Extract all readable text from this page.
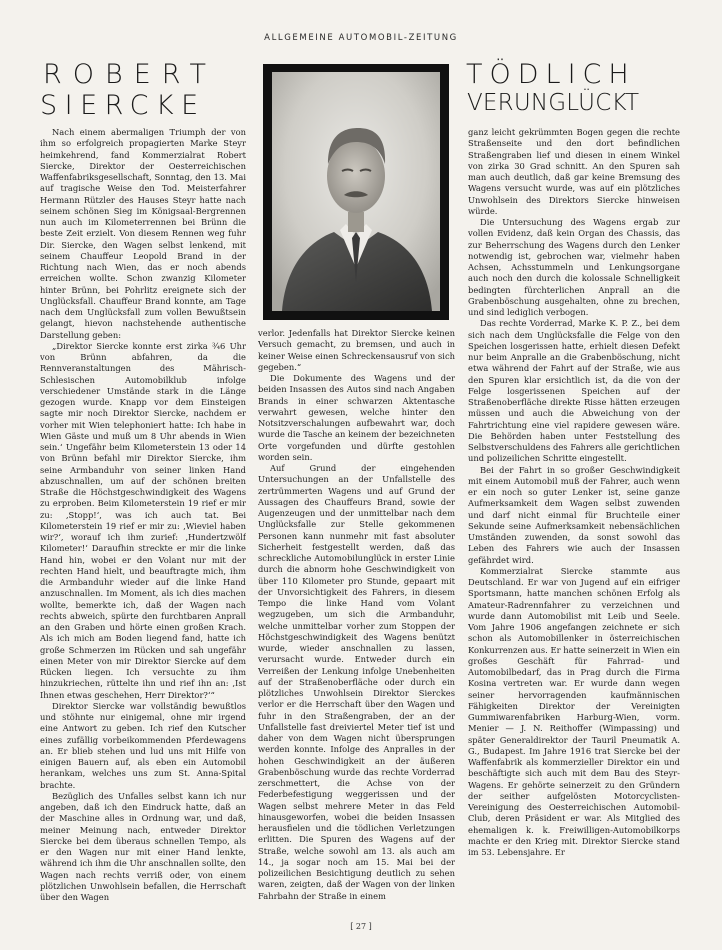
ALLGEMEINE AUTOMOBIL-ZEITUNG
ROBERT
SIERCKE
TÖDLICH
VERUNGLÜCKT

Nach einem abermaligen Triumph der von ihm so erfolgreich propagierten Marke Steyr heimkehrend, fand Kommerzialrat Robert Siercke, Direktor der Oesterreichischen Waffenfabriksgesellschaft, Sonntag, den 13. Mai auf tragische Weise den Tod. Meisterfahrer Hermann Rützler des Hauses Steyr hatte nach seinem schönen Sieg im Königsaal-Bergrennen nun auch im Kilometerrennen bei Brünn die beste Zeit erzielt. Von diesem Rennen weg fuhr Dir. Siercke, den Wagen selbst lenkend, mit seinem Chauffeur Leopold Brand in der Richtung nach Wien, das er noch abends erreichen wollte. Schon zwanzig Kilometer hinter Brünn, bei Pohrlitz ereignete sich der Unglücksfall. Chauffeur Brand konnte, am Tage nach dem Unglücksfall zum vollen Bewußtsein gelangt, hievon nachstehende authentische Darstellung geben:

„Direktor Siercke konnte erst zirka ¾6 Uhr von Brünn abfahren, da die Rennveranstaltungen des Mährisch-Schlesischen Automobilklub infolge verschiedener Umstände stark in die Länge gezogen wurde. Knapp vor dem Einsteigen sagte mir noch Direktor Siercke, nachdem er vorher mit Wien telephoniert hatte: Ich habe in Wien Gäste und muß um 8 Uhr abends in Wien sein.‘ Ungefähr beim Kilometerstein 13 oder 14 von Brünn befahl mir Direktor Siercke, ihm seine Armbanduhr von seiner linken Hand abzuschnallen, um auf der schönen breiten Straße die Höchstgeschwindigkeit des Wagens zu erproben. Beim Kilometerstein 19 rief er mir zu: ‚Stopp!‘, was ich auch tat. Bei Kilometerstein 19 rief er mir zu: ‚Wieviel haben wir?‘, worauf ich ihm zurief: ‚Hundertzwölf Kilometer!‘ Daraufhin streckte er mir die linke Hand hin, wobei er den Volant nur mit der rechten Hand hielt, und beauftragte mich, ihm die Armbanduhr wieder auf die linke Hand anzuschnallen. Im Moment, als ich dies machen wollte, bemerkte ich, daß der Wagen nach rechts abweich, spürte den furchtbaren Anprall an den Graben und hörte einen großen Krach. Als ich mich am Boden liegend fand, hatte ich große Schmerzen im Rücken und sah ungefähr einen Meter von mir Direktor Siercke auf dem Rücken liegen. Ich versuchte zu ihm hinzukriechen, rüttelte ihn und rief ihn an: ‚Ist Ihnen etwas geschehen, Herr Direktor?‘“

Direktor Siercke war vollständig bewußtlos und stöhnte nur einigemal, ohne mir irgend eine Antwort zu geben. Ich rief den Kutscher eines zufällig vorbeikommenden Pferdewagens an. Er blieb stehen und lud uns mit Hilfe von einigen Bauern auf, als eben ein Automobil herankam, welches uns zum St. Anna-Spital brachte.

Bezüglich des Unfalles selbst kann ich nur angeben, daß ich den Eindruck hatte, daß an der Maschine alles in Ordnung war, und daß, meiner Meinung nach, entweder Direktor Siercke bei dem überaus schnellen Tempo, als er den Wagen nur mit einer Hand lenkte, während ich ihm die Uhr anschnallen sollte, den Wagen nach rechts verriß oder, von einem plötzlichen Unwohlsein befallen, die Herrschaft über den Wagen

verlor. Jedenfalls hat Direktor Siercke keinen Versuch gemacht, zu bremsen, und auch in keiner Weise einen Schreckensausruf von sich gegeben.“

Die Dokumente des Wagens und der beiden Insassen des Autos sind nach Angaben Brands in einer schwarzen Aktentasche verwahrt gewesen, welche hinter den Notsitzverschalungen aufbewahrt war, doch wurde die Tasche an keinem der bezeichneten Orte vorgefunden und dürfte gestohlen worden sein.

Auf Grund der eingehenden Untersuchungen an der Unfallstelle des zertrümmerten Wagens und auf Grund der Aussagen des Chauffeurs Brand, sowie der Augenzeugen und der unmittelbar nach dem Unglücksfalle zur Stelle gekommenen Personen kann nunmehr mit fast absoluter Sicherheit festgestellt werden, daß das schreckliche Automobilunglück in erster Linie durch die abnorm hohe Geschwindigkeit von über 110 Kilometer pro Stunde, gepaart mit der Unvorsichtigkeit des Fahrers, in diesem Tempo die linke Hand vom Volant wegzugeben, um sich die Armbanduhr, welche unmittelbar vorher zum Stoppen der Höchstgeschwindigkeit des Wagens benützt wurde, wieder anschnallen zu lassen, verursacht wurde. Entweder durch ein Verreißen der Lenkung infolge Unebenheiten auf der Straßenoberfläche oder durch ein plötzliches Unwohlsein Direktor Sierckes verlor er die Herrschaft über den Wagen und fuhr in den Straßengraben, der an der Unfallstelle fast dreiviertel Meter tief ist und daher von dem Wagen nicht übersprungen werden konnte. Infolge des Anpralles in der hohen Geschwindigkeit an der äußeren Grabenböschung wurde das rechte Vorderrad zerschmettert, die Achse von der Federbefestigung weggerissen und der Wagen selbst mehrere Meter in das Feld hinausgeworfen, wobei die beiden Insassen herausfielen und die tödlichen Verletzungen erlitten. Die Spuren des Wagens auf der Straße, welche sowohl am 13. als auch am 14., ja sogar noch am 15. Mai bei der polizeilichen Besichtigung deutlich zu sehen waren, zeigten, daß der Wagen von der linken Fahrbahn der Straße in einem

ganz leicht gekrümmten Bogen gegen die rechte Straßenseite und den dort befindlichen Straßengraben lief und diesen in einem Winkel von zirka 30 Grad schnitt. An den Spuren sah man auch deutlich, daß gar keine Bremsung des Wagens versucht wurde, was auf ein plötzliches Unwohlsein des Direktors Siercke hinweisen würde.

Die Untersuchung des Wagens ergab zur vollen Evidenz, daß kein Organ des Chassis, das zur Beherrschung des Wagens durch den Lenker notwendig ist, gebrochen war, vielmehr haben Achsen, Achsstummeln und Lenkungsorgane auch noch den durch die kolossale Schnelligkeit bedingten fürchterlichen Anprall an die Grabenböschung ausgehalten, ohne zu brechen, und sind lediglich verbogen.

Das rechte Vorderrad, Marke K. P. Z., bei dem sich nach dem Unglücksfalle die Felge von den Speichen losgerissen hatte, erhielt diesen Defekt nur beim Anpralle an die Grabenböschung, nicht etwa während der Fahrt auf der Straße, wie aus den Spuren klar ersichtlich ist, da die von der Felge losgerissenen Speichen auf der Straßenoberfläche direkte Risse hätten erzeugen müssen und auch die Abweichung von der Fahrtrichtung eine viel rapidere gewesen wäre. Die Behörden haben unter Feststellung des Selbstverschuldens des Fahrers alle gerichtlichen und polizeilichen Schritte eingestellt.

Bei der Fahrt in so großer Geschwindigkeit mit einem Automobil muß der Fahrer, auch wenn er ein noch so guter Lenker ist, seine ganze Aufmerksamkeit dem Wagen selbst zuwenden und darf nicht einmal für Bruchteile einer Sekunde seine Aufmerksamkeit nebensächlichen Umständen zuwenden, da sonst sowohl das Leben des Fahrers wie auch der Insassen gefährdet wird.

Kommerzialrat Siercke stammte aus Deutschland. Er war von Jugend auf ein eifriger Sportsmann, hatte manchen schönen Erfolg als Amateur-Radrennfahrer zu verzeichnen und wurde dann Automobilist mit Leib und Seele. Vom Jahre 1906 angefangen zeichnete er sich schon als Automobillenker in österreichischen Konkurrenzen aus. Er hatte seinerzeit in Wien ein großes Geschäft für Fahrrad- und Automobilbedarf, das in Prag durch die Firma Kosina vertreten war. Er wurde dann wegen seiner hervorragenden kaufmännischen Fähigkeiten Direktor der Vereinigten Gummiwarenfabriken Harburg-Wien, vorm. Menier — J. N. Reithoffer (Wimpassing) und später Generaldirektor der Tauril Pneumatik A. G., Budapest. Im Jahre 1916 trat Siercke bei der Waffenfabrik als kommerzieller Direktor ein und beschäftigte sich auch mit dem Bau des Steyr-Wagens. Er gehörte seinerzeit zu den Gründern der seither aufgelösten Motorcyclisten-Vereinigung des Oesterreichischen Automobil-Club, deren Präsident er war. Als Mitglied des ehemaligen k. k. Freiwilligen-Automobilkorps machte er den Krieg mit. Direktor Siercke stand im 53. Lebensjahre. Er

[ 27 ]
